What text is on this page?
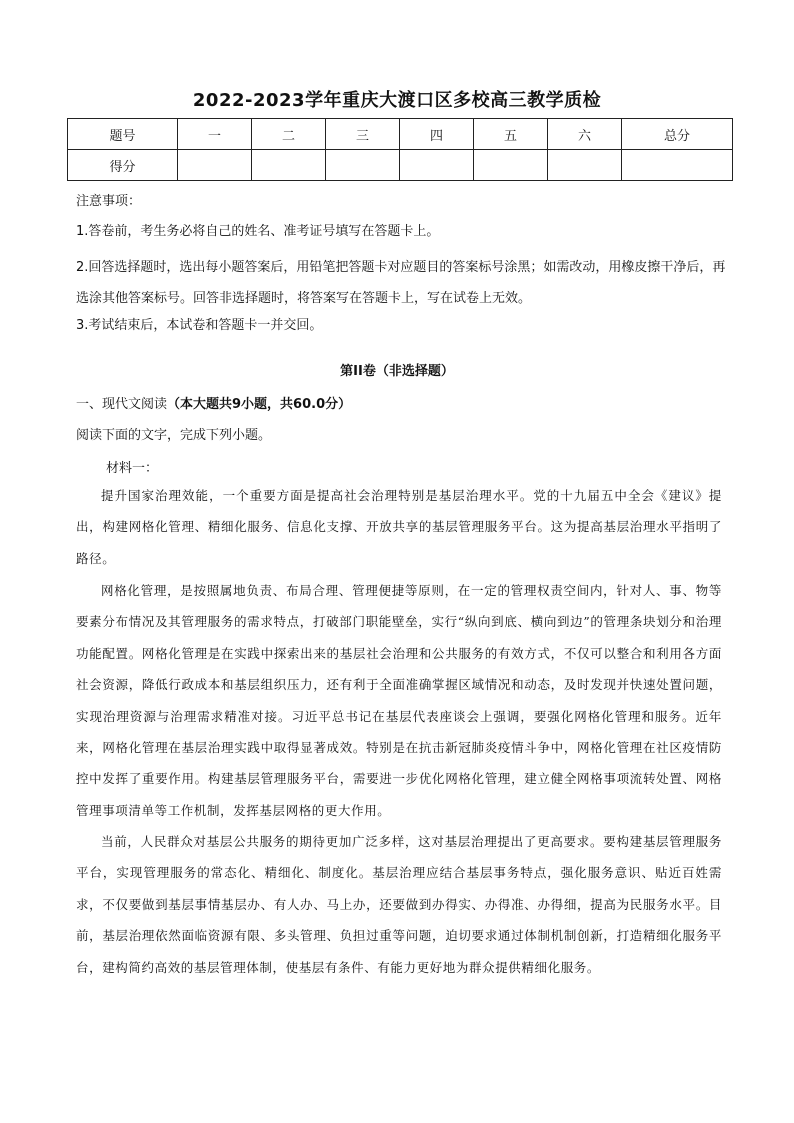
2022-2023学年重庆大渡口区多校高三教学质检
题号	一	二	三	四	五	六	总分
得分							
注意事项：
1.答卷前，考生务必将自己的姓名、准考证号填写在答题卡上。
2.回答选择题时，选出每小题答案后，用铅笔把答题卡对应题目的答案标号涂黑；如需改动，用橡皮擦干净后，再选涂其他答案标号。回答非选择题时，将答案写在答题卡上，写在试卷上无效。
3.考试结束后，本试卷和答题卡一并交回。
第II卷（非选择题）
一、现代文阅读（本大题共9小题，共60.0分）
阅读下面的文字，完成下列小题。
材料一：

提升国家治理效能，一个重要方面是提高社会治理特别是基层治理水平。党的十九届五中全会《建议》提出，构建网格化管理、精细化服务、信息化支撑、开放共享的基层管理服务平台。这为提高基层治理水平指明了路径。

网格化管理，是按照属地负责、布局合理、管理便捷等原则，在一定的管理权责空间内，针对人、事、物等要素分布情况及其管理服务的需求特点，打破部门职能壁垒，实行“纵向到底、横向到边”的管理条块划分和治理功能配置。网格化管理是在实践中探索出来的基层社会治理和公共服务的有效方式，不仅可以整合和利用各方面社会资源，降低行政成本和基层组织压力，还有利于全面准确掌握区域情况和动态，及时发现并快速处置问题，实现治理资源与治理需求精准对接。习近平总书记在基层代表座谈会上强调，要强化网格化管理和服务。近年来，网格化管理在基层治理实践中取得显著成效。特别是在抗击新冠肺炎疫情斗争中，网格化管理在社区疫情防控中发挥了重要作用。构建基层管理服务平台，需要进一步优化网格化管理，建立健全网格事项流转处置、网格管理事项清单等工作机制，发挥基层网格的更大作用。

当前，人民群众对基层公共服务的期待更加广泛多样，这对基层治理提出了更高要求。要构建基层管理服务平台，实现管理服务的常态化、精细化、制度化。基层治理应结合基层事务特点，强化服务意识、贴近百姓需求，不仅要做到基层事情基层办、有人办、马上办，还要做到办得实、办得准、办得细，提高为民服务水平。目前，基层治理依然面临资源有限、多头管理、负担过重等问题，迫切要求通过体制机制创新，打造精细化服务平台，建构简约高效的基层管理体制，使基层有条件、有能力更好地为群众提供精细化服务。
